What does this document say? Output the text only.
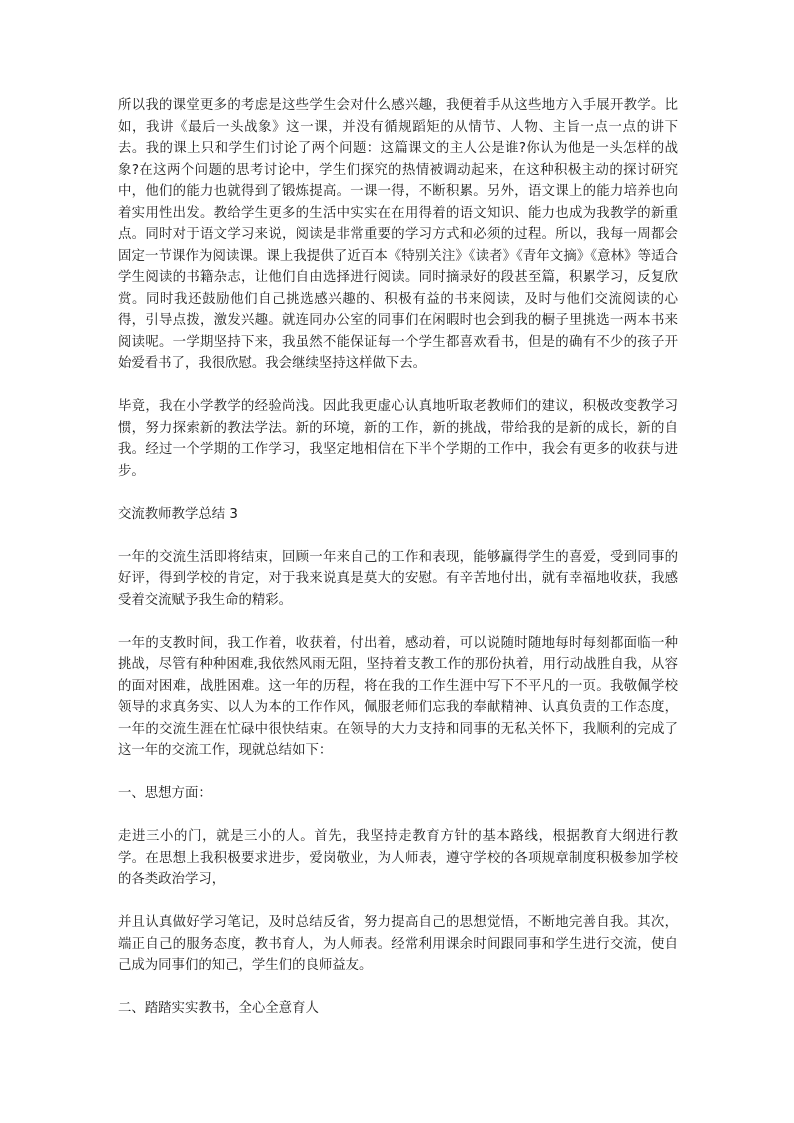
所以我的课堂更多的考虑是这些学生会对什么感兴趣，我便着手从这些地方入手展开教学。比如，我讲《最后一头战象》这一课，并没有循规蹈矩的从情节、人物、主旨一点一点的讲下去。我的课上只和学生们讨论了两个问题：这篇课文的主人公是谁?你认为他是一头怎样的战象?在这两个问题的思考讨论中，学生们探究的热情被调动起来，在这种积极主动的探讨研究中，他们的能力也就得到了锻炼提高。一课一得，不断积累。另外，语文课上的能力培养也向着实用性出发。教给学生更多的生活中实实在在用得着的语文知识、能力也成为我教学的新重点。同时对于语文学习来说，阅读是非常重要的学习方式和必须的过程。所以，我每一周都会固定一节课作为阅读课。课上我提供了近百本《特别关注》《读者》《青年文摘》《意林》等适合学生阅读的书籍杂志，让他们自由选择进行阅读。同时摘录好的段甚至篇，积累学习，反复欣赏。同时我还鼓励他们自己挑选感兴趣的、积极有益的书来阅读，及时与他们交流阅读的心得，引导点拨，激发兴趣。就连同办公室的同事们在闲暇时也会到我的橱子里挑选一两本书来阅读呢。一学期坚持下来，我虽然不能保证每一个学生都喜欢看书，但是的确有不少的孩子开始爱看书了，我很欣慰。我会继续坚持这样做下去。

毕竟，我在小学教学的经验尚浅。因此我更虚心认真地听取老教师们的建议，积极改变教学习惯，努力探索新的教法学法。新的环境，新的工作，新的挑战，带给我的是新的成长，新的自我。经过一个学期的工作学习，我坚定地相信在下半个学期的工作中，我会有更多的收获与进步。

交流教师教学总结 3

一年的交流生活即将结束，回顾一年来自己的工作和表现，能够赢得学生的喜爱，受到同事的好评，得到学校的肯定，对于我来说真是莫大的安慰。有辛苦地付出，就有幸福地收获，我感受着交流赋予我生命的精彩。

一年的支教时间，我工作着，收获着，付出着，感动着，可以说随时随地每时每刻都面临一种挑战，尽管有种种困难,我依然风雨无阻，坚持着支教工作的那份执着，用行动战胜自我，从容的面对困难，战胜困难。这一年的历程，将在我的工作生涯中写下不平凡的一页。我敬佩学校领导的求真务实、以人为本的工作作风，佩服老师们忘我的奉献精神、认真负责的工作态度，一年的交流生涯在忙碌中很快结束。在领导的大力支持和同事的无私关怀下，我顺利的完成了这一年的交流工作，现就总结如下：

一、思想方面：

走进三小的门，就是三小的人。首先，我坚持走教育方针的基本路线，根据教育大纲进行教学。在思想上我积极要求进步，爱岗敬业，为人师表，遵守学校的各项规章制度积极参加学校的各类政治学习，

并且认真做好学习笔记，及时总结反省，努力提高自己的思想觉悟，不断地完善自我。其次，端正自己的服务态度，教书育人，为人师表。经常利用课余时间跟同事和学生进行交流，使自己成为同事们的知己，学生们的良师益友。

二、踏踏实实教书，全心全意育人
